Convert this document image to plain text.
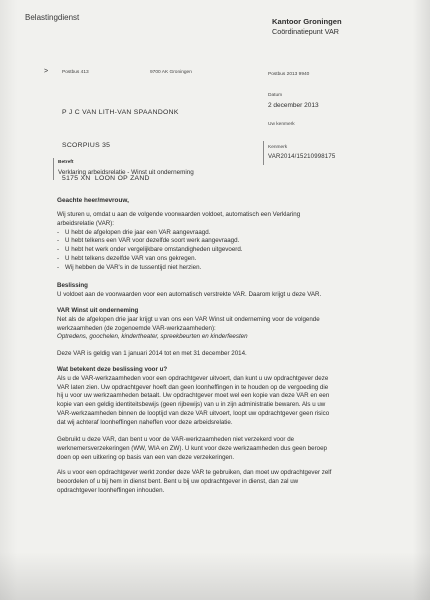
Belastingdienst	Kantoor Groningen
Coördinatiepunt VAR
>	Postbus 413	9700 AK Groningen	Postbus 2013 9940

P J C VAN LITH-VAN SPAANDONK

SCORPIUS 35

5175 XN  LOON OP ZAND

Datum
2 december 2013
Uw kenmerk
Kenmerk
VAR2014/15210998175
Betreft
Verklaring arbeidsrelatie - Winst uit onderneming
Geachte heer/mevrouw,
Wij sturen u, omdat u aan de volgende voorwaarden voldoet, automatisch een Verklaring
arbeidsrelatie (VAR):
- U hebt de afgelopen drie jaar een VAR aangevraagd.
- U hebt telkens een VAR voor dezelfde soort werk aangevraagd.
- U hebt het werk onder vergelijkbare omstandigheden uitgevoerd.
- U hebt telkens dezelfde VAR van ons gekregen.
- Wij hebben de VAR's in de tussentijd niet herzien.
Beslissing
U voldoet aan de voorwaarden voor een automatisch verstrekte VAR. Daarom krijgt u deze VAR.
VAR Winst uit onderneming
Net als de afgelopen drie jaar krijgt u van ons een VAR Winst uit onderneming voor de volgende
werkzaamheden (de zogenoemde VAR-werkzaamheden):
Optredens, goochelen, kindertheater, spreekbeurten en kinderfeesten
Deze VAR is geldig van 1 januari 2014 tot en met 31 december 2014.
Wat betekent deze beslissing voor u?
Als u de VAR-werkzaamheden voor een opdrachtgever uitvoert, dan kunt u uw opdrachtgever deze
VAR laten zien. Uw opdrachtgever hoeft dan geen loonheffingen in te houden op de vergoeding die
hij u voor uw werkzaamheden betaalt. Uw opdrachtgever moet wel een kopie van deze VAR en een
kopie van een geldig identiteitsbewijs (geen rijbewijs) van u in zijn administratie bewaren. Als u uw
VAR-werkzaamheden binnen de looptijd van deze VAR uitvoert, loopt uw opdrachtgever geen risico
dat wij achteraf loonheffingen naheffen voor deze arbeidsrelatie.
Gebruikt u deze VAR, dan bent u voor de VAR-werkzaamheden niet verzekerd voor de
werknemersverzekeringen (WW, WIA en ZW). U kunt voor deze werkzaamheden dus geen beroep
doen op een uitkering op basis van een van deze verzekeringen.
Als u voor een opdrachtgever werkt zonder deze VAR te gebruiken, dan moet uw opdrachtgever zelf
beoordelen of u bij hem in dienst bent. Bent u bij uw opdrachtgever in dienst, dan zal uw
opdrachtgever loonheffingen inhouden.
